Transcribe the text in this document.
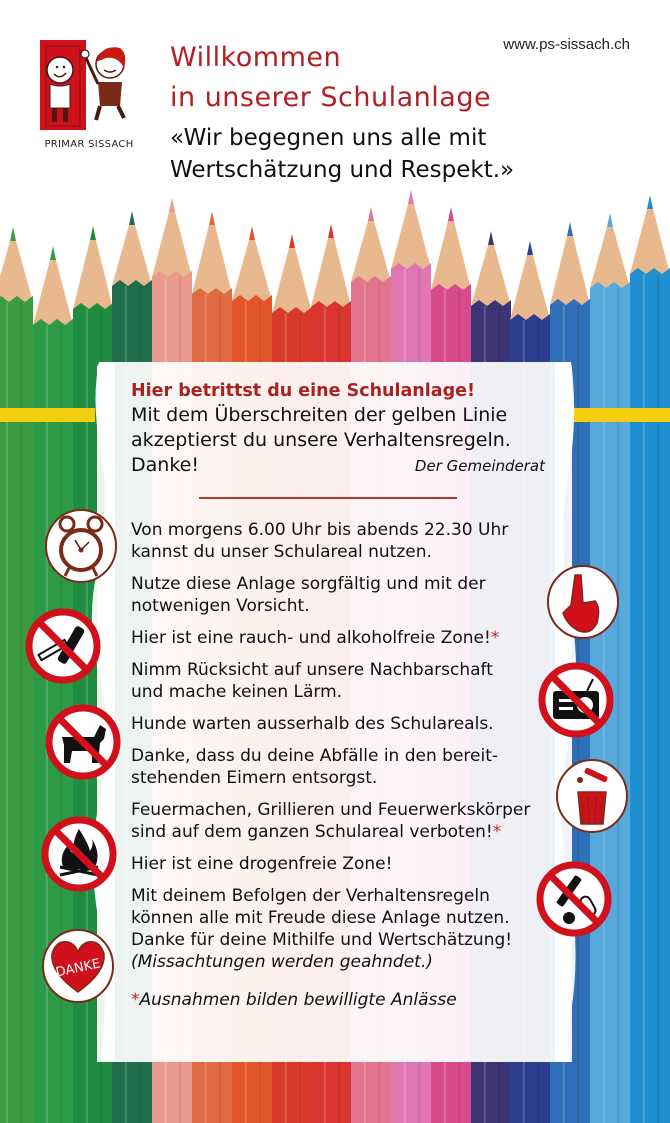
PRIMAR SISSACH
Willkommen
in unserer Schulanlage
www.ps-sissach.ch
«Wir begegnen uns alle mit
Wertschätzung und Respekt.»
Hier betrittst du eine Schulanlage!
Mit dem Überschreiten der gelben Linie
akzeptierst du unsere Verhaltensregeln.
Danke!	Der Gemeinderat
Von morgens 6.00 Uhr bis abends 22.30 Uhr
kannst du unser Schulareal nutzen.
Nutze diese Anlage sorgfältig und mit der
notwenigen Vorsicht.
Hier ist eine rauch- und alkoholfreie Zone!*
Nimm Rücksicht auf unsere Nachbarschaft
und mache keinen Lärm.
Hunde warten ausserhalb des Schulareals.
Danke, dass du deine Abfälle in den bereit-
stehenden Eimern entsorgst.
Feuermachen, Grillieren und Feuerwerkskörper
sind auf dem ganzen Schulareal verboten!*
Hier ist eine drogenfreie Zone!
Mit deinem Befolgen der Verhaltensregeln
können alle mit Freude diese Anlage nutzen.
Danke für deine Mithilfe und Wertschätzung!
(Missachtungen werden geahndet.)
*Ausnahmen bilden bewilligte Anlässe
DANKE
